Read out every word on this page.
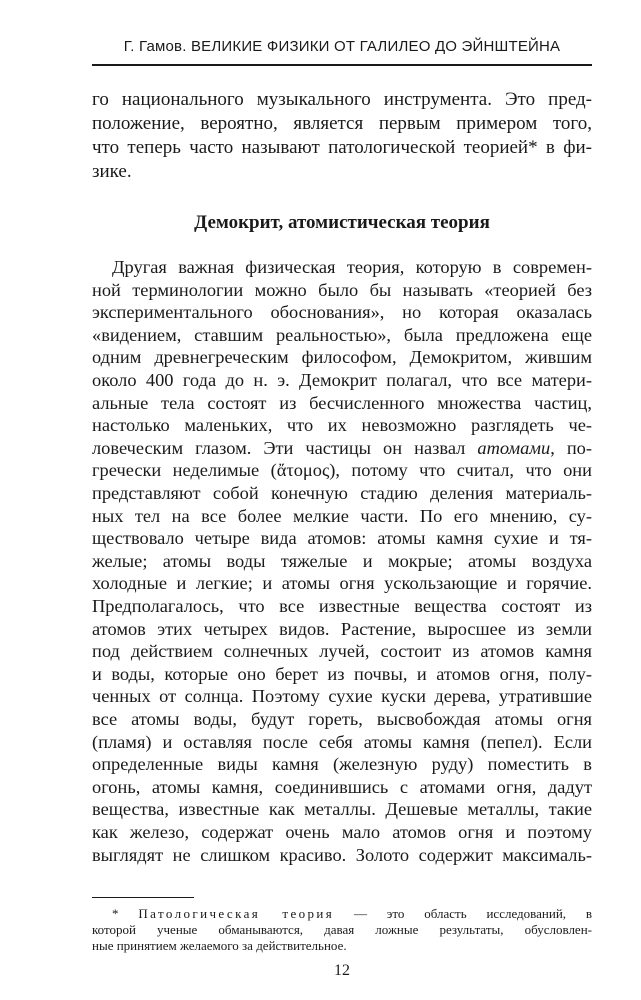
Г. Гамов. ВЕЛИКИЕ ФИЗИКИ ОТ ГАЛИЛЕО ДО ЭЙНШТЕЙНА
го национального музыкального инструмента. Это пред-
положение, вероятно, является первым примером того,
что теперь часто называют патологической теорией* в фи-
зике.
Демокрит, атомистическая теория
Другая важная физическая теория, которую в современ-
ной терминологии можно было бы называть «теорией без
экспериментального обоснования», но которая оказалась
«видением, ставшим реальностью», была предложена еще
одним древнегреческим философом, Демокритом, жившим
около 400 года до н. э. Демокрит полагал, что все матери-
альные тела состоят из бесчисленного множества частиц,
настолько маленьких, что их невозможно разглядеть че-
ловеческим глазом. Эти частицы он назвал атомами, по-
гречески неделимые (ἄτομος), потому что считал, что они
представляют собой конечную стадию деления материаль-
ных тел на все более мелкие части. По его мнению, су-
ществовало четыре вида атомов: атомы камня сухие и тя-
желые; атомы воды тяжелые и мокрые; атомы воздуха
холодные и легкие; и атомы огня ускользающие и горячие.
Предполагалось, что все известные вещества состоят из
атомов этих четырех видов. Растение, выросшее из земли
под действием солнечных лучей, состоит из атомов камня
и воды, которые оно берет из почвы, и атомов огня, полу-
ченных от солнца. Поэтому сухие куски дерева, утратившие
все атомы воды, будут гореть, высвобождая атомы огня
(пламя) и оставляя после себя атомы камня (пепел). Если
определенные виды камня (железную руду) поместить в
огонь, атомы камня, соединившись с атомами огня, дадут
* Патологическая теория — это область исследований, в
которой ученые обманываются, давая ложные результаты, обусловлен-
ные принятием желаемого за действительное.
12
вещества, известные как металлы. Дешевые металлы, такие
как железо, содержат очень мало атомов огня и поэтому
выглядят не слишком красиво. Золото содержит максималь-
